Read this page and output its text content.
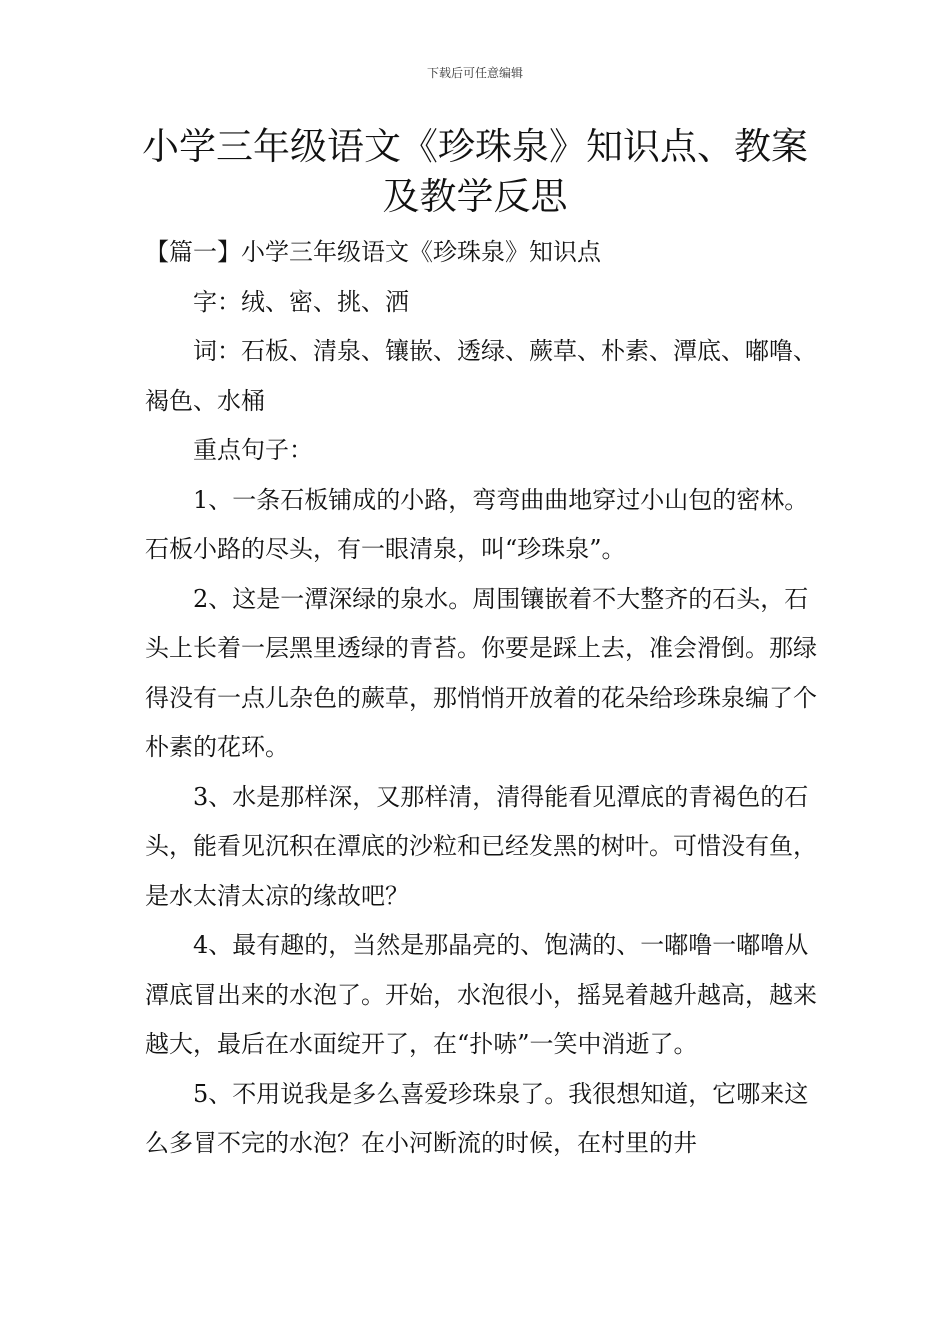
下载后可任意编辑
小学三年级语文《珍珠泉》知识点、教案
及教学反思

【篇一】小学三年级语文《珍珠泉》知识点

字：绒、密、挑、洒

词：石板、清泉、镶嵌、透绿、蕨草、朴素、潭底、嘟噜、褐色、水桶

重点句子：

1、一条石板铺成的小路，弯弯曲曲地穿过小山包的密林。石板小路的尽头，有一眼清泉，叫“珍珠泉”。

2、这是一潭深绿的泉水。周围镶嵌着不大整齐的石头，石头上长着一层黑里透绿的青苔。你要是踩上去，准会滑倒。那绿得没有一点儿杂色的蕨草，那悄悄开放着的花朵给珍珠泉编了个朴素的花环。

3、水是那样深，又那样清，清得能看见潭底的青褐色的石头，能看见沉积在潭底的沙粒和已经发黑的树叶。可惜没有鱼，是水太清太凉的缘故吧？

4、最有趣的，当然是那晶亮的、饱满的、一嘟噜一嘟噜从潭底冒出来的水泡了。开始，水泡很小，摇晃着越升越高，越来越大，最后在水面绽开了，在“扑哧”一笑中消逝了。

5、不用说我是多么喜爱珍珠泉了。我很想知道，它哪来这么多冒不完的水泡？在小河断流的时候，在村里的井
